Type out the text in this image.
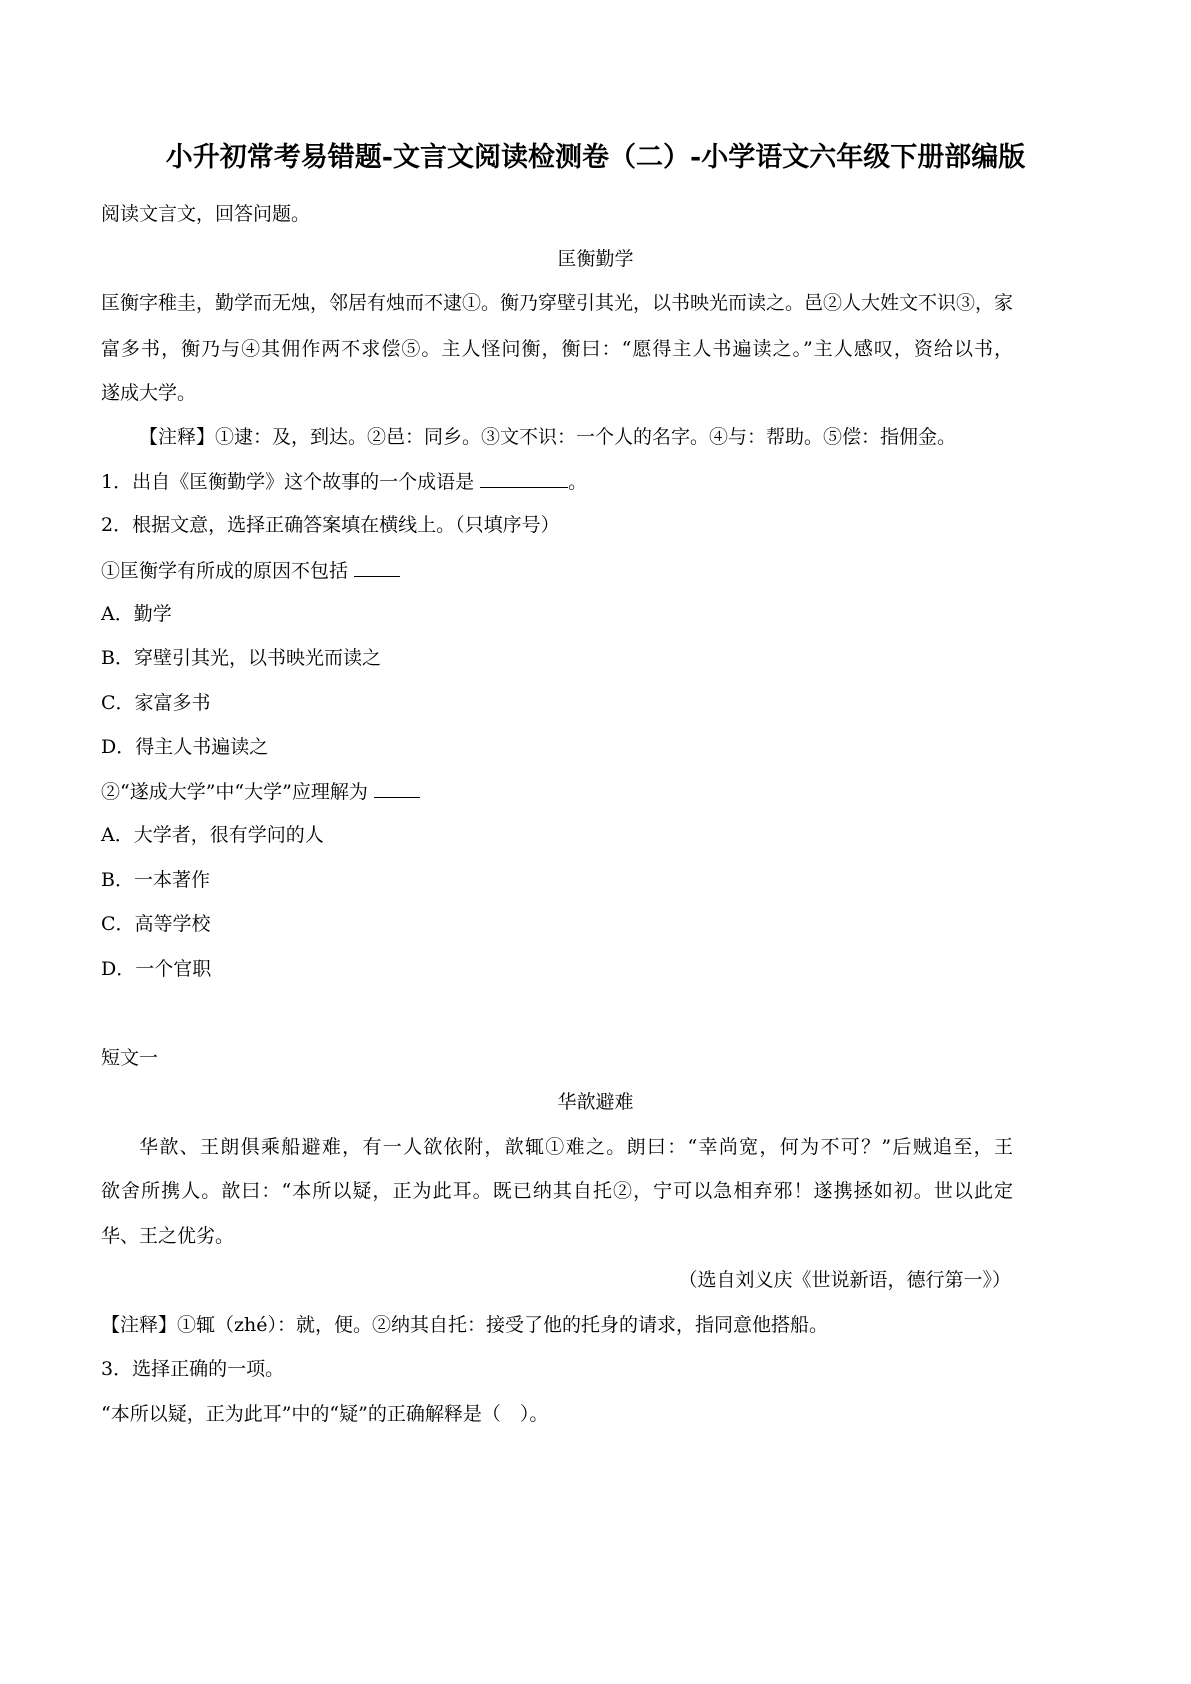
小升初常考易错题-文言文阅读检测卷（二）-小学语文六年级下册部编版
阅读文言文，回答问题。
匡衡勤学
匡衡字稚圭，勤学而无烛，邻居有烛而不逮①。衡乃穿壁引其光，以书映光而读之。邑②人大姓文不识③，家
富多书，衡乃与④其佣作两不求偿⑤。主人怪问衡，衡曰：“愿得主人书遍读之。”主人感叹，资给以书，
遂成大学。
【注释】①逮：及，到达。②邑：同乡。③文不识：一个人的名字。④与：帮助。⑤偿：指佣金。
1．出自《匡衡勤学》这个故事的一个成语是	。
2．根据文意，选择正确答案填在横线上。（只填序号）
①匡衡学有所成的原因不包括
A．勤学
B．穿壁引其光，以书映光而读之
C．家富多书
D．得主人书遍读之
②“遂成大学”中“大学”应理解为
A．大学者，很有学问的人
B．一本著作
C．高等学校
D．一个官职
短文一
华歆避难
华歆、王朗俱乘船避难，有一人欲依附，歆辄①难之。朗曰：“幸尚宽，何为不可？”后贼追至，王
欲舍所携人。歆曰：“本所以疑，正为此耳。既已纳其自托②，宁可以急相弃邪！遂携拯如初。世以此定
华、王之优劣。
（选自刘义庆《世说新语，德行第一》）
【注释】①辄（zhé）：就，便。②纳其自托：接受了他的托身的请求，指同意他搭船。
3．选择正确的一项。
“本所以疑，正为此耳”中的“疑”的正确解释是（　）。
